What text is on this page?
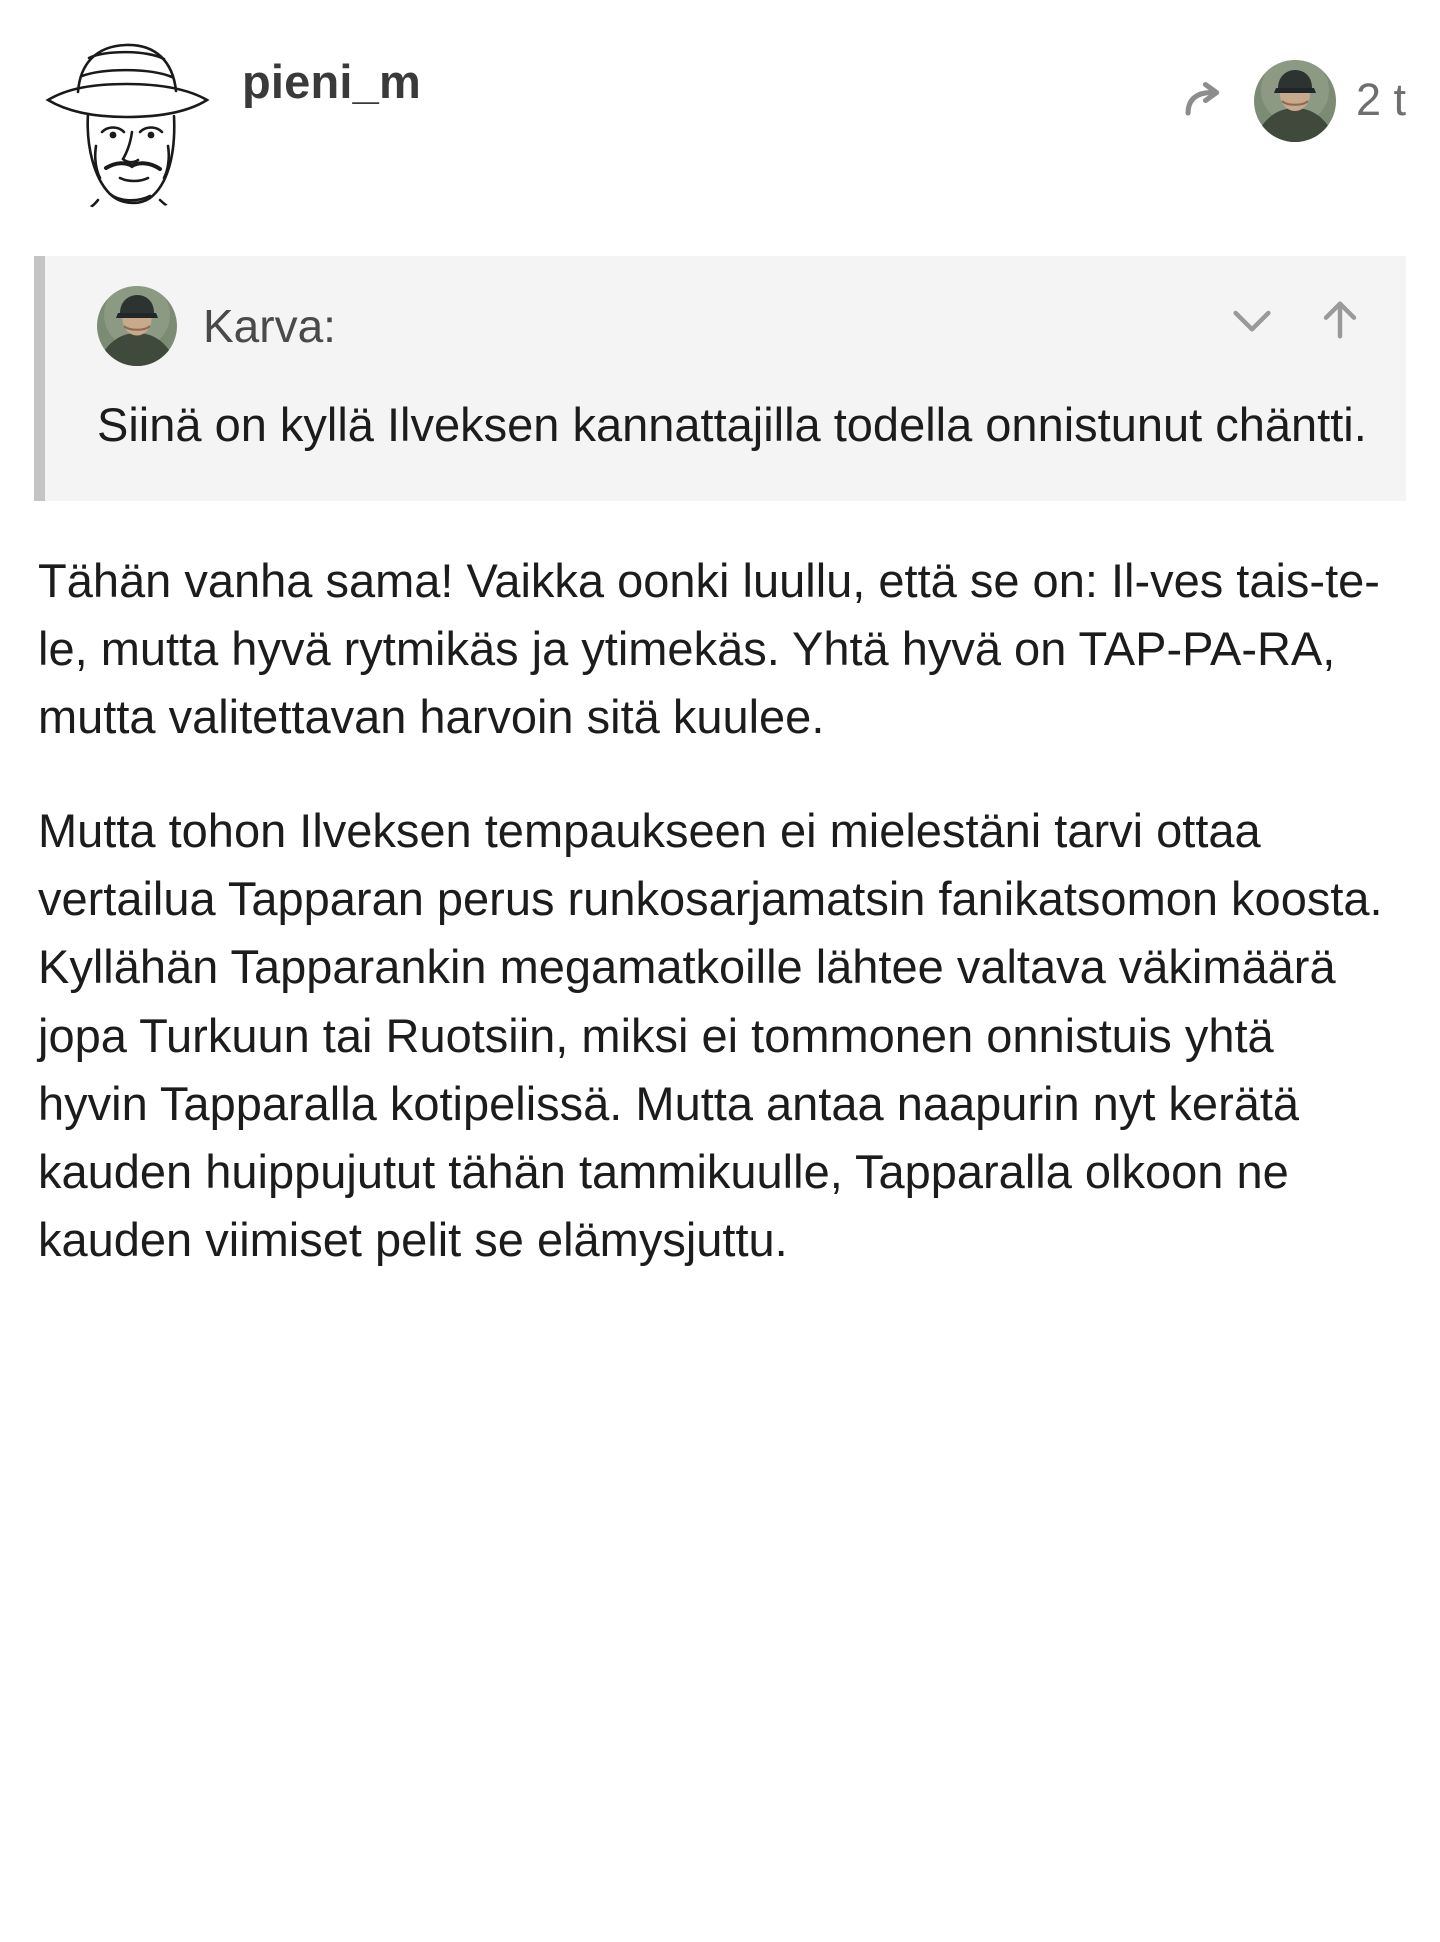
pieni_m	2 t
Karva:
Siinä on kyllä Ilveksen kannattajilla todella onnistunut chäntti.

Tähän vanha sama! Vaikka oonki luullu, että se on: Il-ves tais-te-le, mutta hyvä rytmikäs ja ytimekäs. Yhtä hyvä on TAP-PA-RA, mutta valitettavan harvoin sitä kuulee.

Mutta tohon Ilveksen tempaukseen ei mielestäni tarvi ottaa vertailua Tapparan perus runkosarjamatsin fanikatsomon koosta. Kyllähän Tapparankin megamatkoille lähtee valtava väkimäärä jopa Turkuun tai Ruotsiin, miksi ei tommonen onnistuis yhtä hyvin Tapparalla kotipelissä. Mutta antaa naapurin nyt kerätä kauden huippujutut tähän tammikuulle, Tapparalla olkoon ne kauden viimiset pelit se elämysjuttu.
